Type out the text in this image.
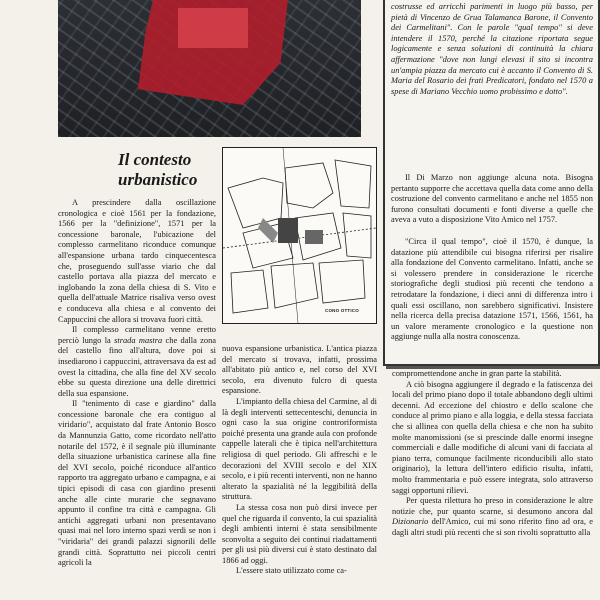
costrusse ed arricchì parimenti in luogo più basso, per pietà di Vincenzo de Grua Talamanca Barone, il Convento dei Carmelitani". Con le parole "qual tempo" si deve intendere il 1570, perché la citazione riportata segue logicamente e senza soluzioni di continuità la chiara affermazione "dove non lungi elevasi il sito si incontra un'ampia piazza da mercato cui è accanto il Convento di S. Maria del Rosario dei frati Predicatori, fondato nel 1570 a spese di Mariano Vecchio uomo probissimo e dotto".

Il Di Marzo non aggiunge alcuna nota. Bisogna pertanto supporre che accettava quella data come anno della costruzione del convento carmelitano e anche nel 1855 non furono consultati documenti e fonti diverse a quelle che aveva a vuto a disposizione Vito Amico nel 1757.

"Circa il qual tempo", cioè il 1570, è dunque, la datazione più attendibile cui bisogna riferirsi per risalire alla fondazione del Convento carmelitano. Infatti, anche se si volessero prendere in considerazione le ricerche storiografiche degli studiosi più recenti che tendono a retrodatare la fondazione, i dieci anni di differenza intro i quali essi oscillano, non sarebbero significativi. Insistere nella ricerca della precisa datazione 1571, 1566, 1561, ha un valore meramente cronologico e la questione non aggiunge nulla alla nostra conoscenza.

Il contesto urbanistico
CONO OTTICO

A prescindere dalla oscillazione cronologica e cioè 1561 per la fondazione, 1566 per la "definizione", 1571 per la concessione baronale, l'ubicazione del complesso carmelitano riconduce comunque all'espansione urbana tardo cinquecentesca che, proseguendo sull'asse viario che dal castello portava alla piazza del mercato e inglobando la zona della chiesa di S. Vito e quella dell'attuale Matrice risaliva verso ovest e conduceva alla chiesa e al convento dei Cappuccini che allora si trovava fuori città.

Il complesso carmelitano venne eretto perciò lungo la strada mastra che dalla zona del castello fino all'altura, dove poi si insediarono i cappuccini, attraversava da est ad ovest la cittadina, che alla fine del XV secolo ebbe su questa direzione una delle direttrici della sua espansione.

Il "tenimento di case e giardino" dalla concessione baronale che era contiguo al viridario", acquistato dal frate Antonio Bosco da Mannunzia Gatto, come ricordato nell'atto notarile del 1572, è il segnale più illuminante della situazione urbanistica carinese alla fine del XVI secolo, poiché riconduce all'antico rapporto tra aggregato urbano e campagna, e ai tipici episodi di casa con giardino presenti anche alle cinte murarie che segnavano appunto il confine tra città e campagna. Gli antichi aggregati urbani non presentavano quasi mai nel loro interno spazi verdi se non i "viridaria" dei grandi palazzi signorili delle grandi città. Soprattutto nei piccoli centri agricoli la

nuova espansione urbanistica. L'antica piazza del mercato si trovava, infatti, prossima all'abitato più antico e, nel corso del XVI secolo, era divenuto fulcro di questa espansione.

L'impianto della chiesa del Carmine, al di là degli interventi settecenteschi, denuncia in ogni caso la sua origine controriformista poiché presenta una grande aula con profonde cappelle laterali che è tipica nell'architettura religiosa di quel periodo. Gli affreschi e le decorazioni del XVIII secolo e del XIX secolo, e i più recenti interventi, non ne hanno alterato la spazialità né la leggibilità della struttura.

La stessa cosa non può dirsi invece per quel che riguarda il convento, la cui spazialità degli ambienti interni è stata sensibilmente sconvolta a seguito dei continui riadattamenti per gli usi più diversi cui è stato destinato dal 1866 ad oggi.

L'essere stato utilizzato come ca-

compromettendone anche in gran parte la stabilità.

A ciò bisogna aggiungere il degrado e la fatiscenza dei locali del primo piano dopo il totale abbandono degli ultimi decenni. Ad eccezione del chiostro e dello scalone che conduce al primo piano e alla loggia, e della stessa facciata che si allinea con quella della chiesa e che non ha subito molte manomissioni (se si prescinde dalle enormi insegne commerciali e dalle modifiche di alcuni vani di facciata al piano terra, comunque facilmente riconducibili allo stato originario), la lettura dell'intero edificio risulta, infatti, molto frammentaria e può essere integrata, solo attraverso saggi opportuni rilievi.

Per questa rilettura ho preso in considerazione le altre notizie che, pur quanto scarne, si desumono ancora dal Dizionario dell'Amico, cui mi sono riferito fino ad ora, e dagli altri studi più recenti che si son rivolti soprattutto alla
